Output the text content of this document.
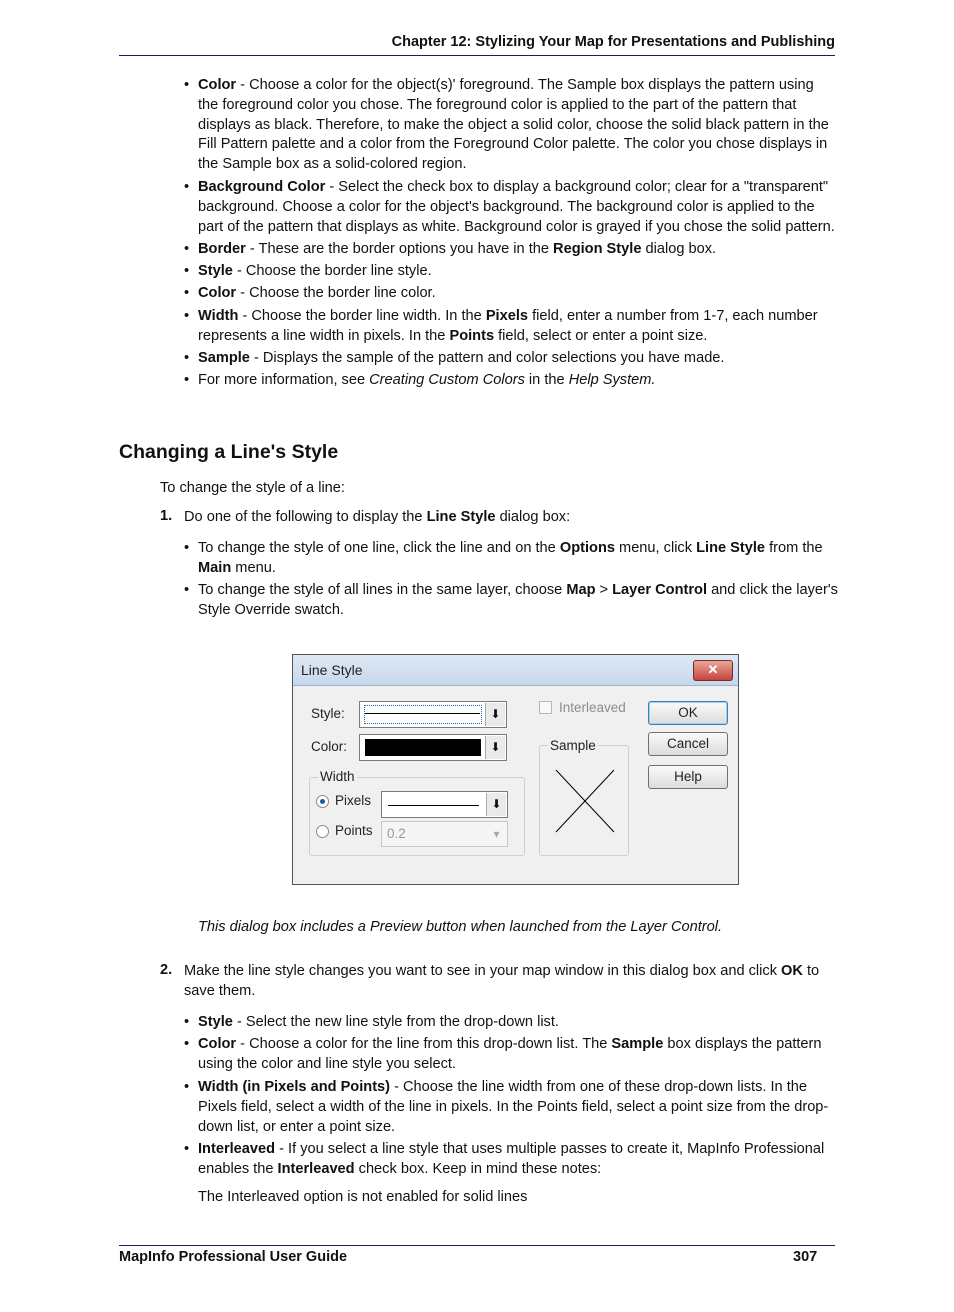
Chapter 12: Stylizing Your Map for Presentations and Publishing
• Color - Choose a color for the object(s)' foreground. The Sample box displays the pattern using the foreground color you chose. The foreground color is applied to the part of the pattern that displays as black. Therefore, to make the object a solid color, choose the solid black pattern in the Fill Pattern palette and a color from the Foreground Color palette. The color you chose displays in the Sample box as a solid-colored region.
• Background Color - Select the check box to display a background color; clear for a "transparent" background. Choose a color for the object's background. The background color is applied to the part of the pattern that displays as white. Background color is grayed if you chose the solid pattern.
• Border - These are the border options you have in the Region Style dialog box.
• Style - Choose the border line style.
• Color - Choose the border line color.
• Width - Choose the border line width. In the Pixels field, enter a number from 1-7, each number represents a line width in pixels. In the Points field, select or enter a point size.
• Sample - Displays the sample of the pattern and color selections you have made.
• For more information, see Creating Custom Colors in the Help System.
Changing a Line's Style
To change the style of a line:
1. Do one of the following to display the Line Style dialog box:
• To change the style of one line, click the line and on the Options menu, click Line Style from the Main menu.
• To change the style of all lines in the same layer, choose Map > Layer Control and click the layer's Style Override swatch.
Line Style	✕
Style:	⬇
Color:	⬇
Width
Pixels	⬇
Points 0.2	▾
Interleaved
Sample
OK
Cancel
Help
This dialog box includes a Preview button when launched from the Layer Control.
2. Make the line style changes you want to see in your map window in this dialog box and click OK to save them.
• Style - Select the new line style from the drop-down list.
• Color - Choose a color for the line from this drop-down list. The Sample box displays the pattern using the color and line style you select.
• Width (in Pixels and Points) - Choose the line width from one of these drop-down lists. In the Pixels field, select a width of the line in pixels. In the Points field, select a point size from the drop-down list, or enter a point size.
• Interleaved - If you select a line style that uses multiple passes to create it, MapInfo Professional enables the Interleaved check box. Keep in mind these notes:
The Interleaved option is not enabled for solid lines
MapInfo Professional User Guide	307
